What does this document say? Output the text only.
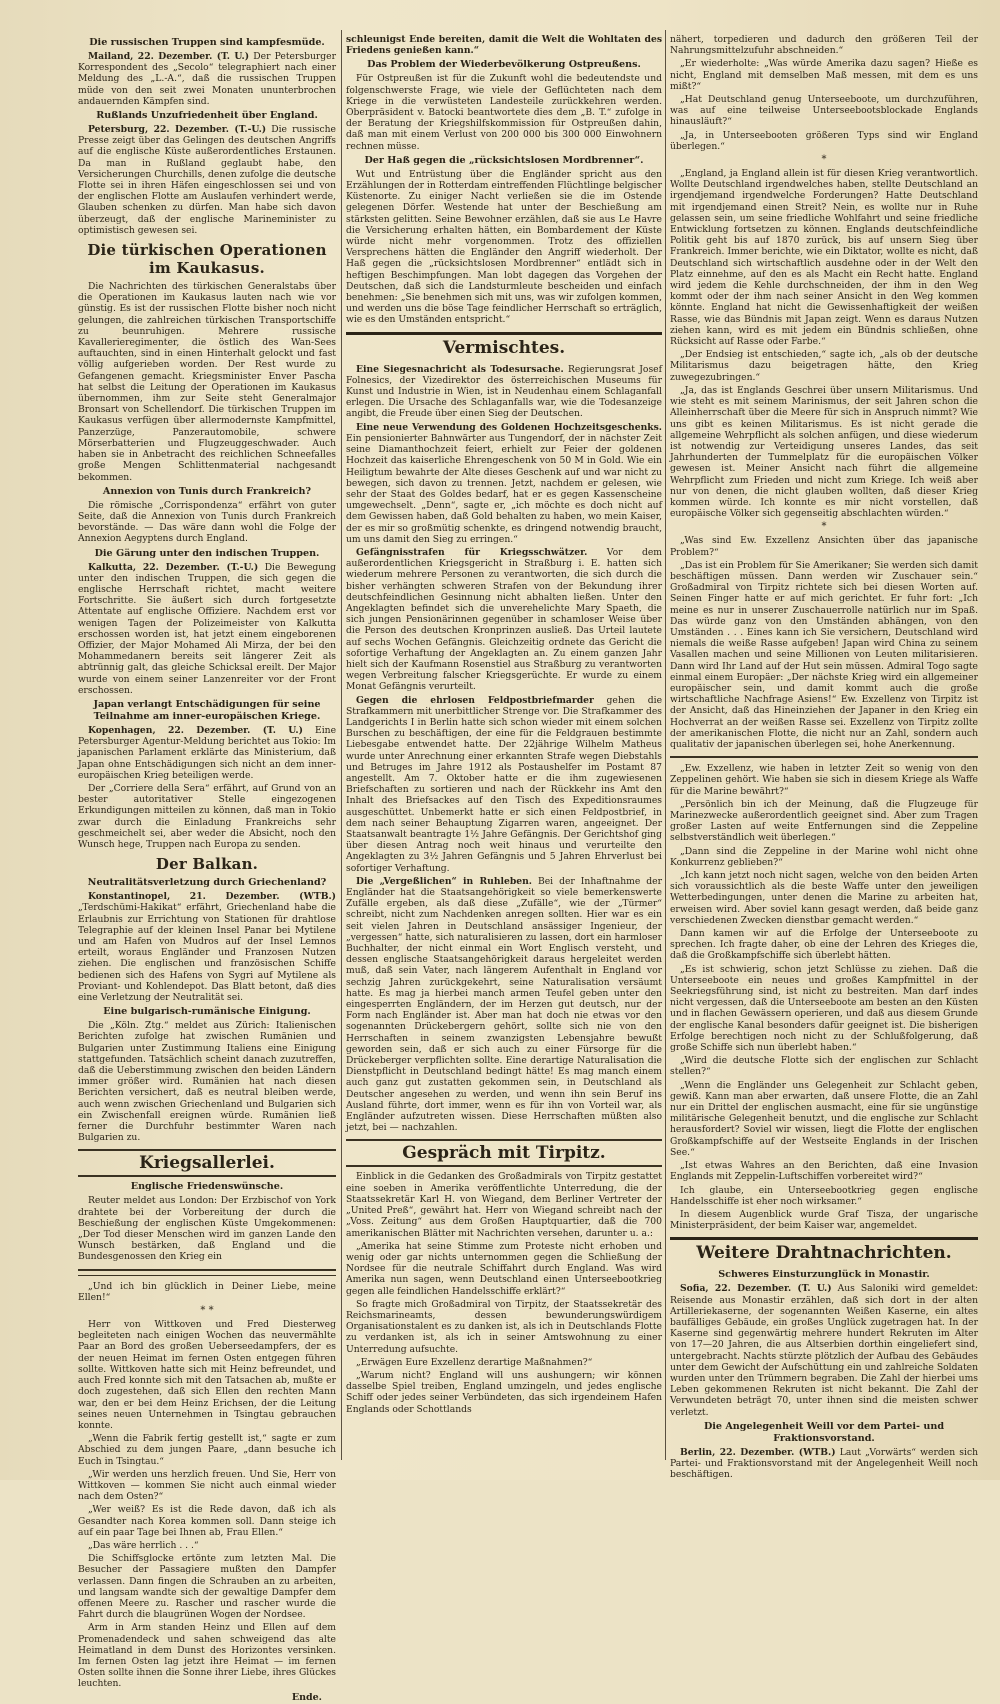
Die russischen Truppen sind kampfesmüde.

Mailand, 22. Dezember. (T. U.) Der Petersburger Korrespondent des „Secolo“ telegraphiert nach einer Meldung des „L.-A.“, daß die russischen Truppen müde von den seit zwei Monaten ununterbrochen andauernden Kämpfen sind.

Rußlands Unzufriedenheit über England.

Petersburg, 22. Dezember. (T.-U.) Die russische Presse zeigt über das Gelingen des deutschen Angriffs auf die englische Küste außerordentliches Erstaunen. Da man in Rußland geglaubt habe, den Versicherungen Churchills, denen zufolge die deutsche Flotte sei in ihren Häfen eingeschlossen sei und von der englischen Flotte am Auslaufen verhindert werde, Glauben schenken zu dürfen. Man habe sich davon überzeugt, daß der englische Marineminister zu optimistisch gewesen sei.

Die türkischen Operationen im Kaukasus.

Die Nachrichten des türkischen Generalstabs über die Operationen im Kaukasus lauten nach wie vor günstig. Es ist der russischen Flotte bisher noch nicht gelungen, die zahlreichen türkischen Transportschiffe zu beunruhigen. Mehrere russische Kavallerieregimenter, die östlich des Wan-Sees auftauchten, sind in einen Hinterhalt gelockt und fast völlig aufgerieben worden. Der Rest wurde zu Gefangenen gemacht. Kriegsminister Enver Pascha hat selbst die Leitung der Operationen im Kaukasus übernommen, ihm zur Seite steht Generalmajor Bronsart von Schellendorf. Die türkischen Truppen im Kaukasus verfügen über allermodernste Kampfmittel, Panzerzüge, Panzerautomobile, schwere Mörserbatterien und Flugzeuggeschwader. Auch haben sie in Anbetracht des reichlichen Schneefalles große Mengen Schlittenmaterial nachgesandt bekommen.

Annexion von Tunis durch Frankreich?

Die römische „Corrispondenza“ erfährt von guter Seite, daß die Annexion von Tunis durch Frankreich bevorstände. — Das wäre dann wohl die Folge der Annexion Aegyptens durch England.

Die Gärung unter den indischen Truppen.

Kalkutta, 22. Dezember. (T.-U.) Die Bewegung unter den indischen Truppen, die sich gegen die englische Herrschaft richtet, macht weitere Fortschritte. Sie äußert sich durch fortgesetzte Attentate auf englische Offiziere. Nachdem erst vor wenigen Tagen der Polizeimeister von Kalkutta erschossen worden ist, hat jetzt einem eingeborenen Offizier, der Major Mohamed Ali Mirza, der bei den Mohammedanern bereits seit längerer Zeit als abtrünnig galt, das gleiche Schicksal ereilt. Der Major wurde von einem seiner Lanzenreiter vor der Front erschossen.

Japan verlangt Entschädigungen für seine Teilnahme am inner-europäischen Kriege.

Kopenhagen, 22. Dezember. (T. U.) Eine Petersburger Agentur-Meldung berichtet aus Tokio: Im japanischen Parlament erklärte das Ministerium, daß Japan ohne Entschädigungen sich nicht an dem inner-europäischen Krieg beteiligen werde.

Der „Corriere della Sera“ erfährt, auf Grund von an bester autoritativer Stelle eingezogenen Erkundigungen mitteilen zu können, daß man in Tokio zwar durch die Einladung Frankreichs sehr geschmeichelt sei, aber weder die Absicht, noch den Wunsch hege, Truppen nach Europa zu senden.

Der Balkan.
Neutralitätsverletzung durch Griechenland?

Konstantinopel, 21. Dezember. (WTB.) „Terdschümi-Hakikat“ erfährt, Griechenland habe die Erlaubnis zur Errichtung von Stationen für drahtlose Telegraphie auf der kleinen Insel Panar bei Mytilene und am Hafen von Mudros auf der Insel Lemnos erteilt, woraus Engländer und Franzosen Nutzen ziehen. Die englischen und französischen Schiffe bedienen sich des Hafens von Sygri auf Mytilene als Proviant- und Kohlendepot. Das Blatt betont, daß dies eine Verletzung der Neutralität sei.

Eine bulgarisch-rumänische Einigung.

Die „Köln. Ztg.“ meldet aus Zürich: Italienischen Berichten zufolge hat zwischen Rumänien und Bulgarien unter Zustimmung Italiens eine Einigung stattgefunden. Tatsächlich scheint danach zuzutreffen, daß die Ueberstimmung zwischen den beiden Ländern immer größer wird. Rumänien hat nach diesen Berichten versichert, daß es neutral bleiben werde, auch wenn zwischen Griechenland und Bulgarien sich ein Zwischenfall ereignen würde. Rumänien ließ ferner die Durchfuhr bestimmter Waren nach Bulgarien zu.

Kriegsallerlei.
Englische Friedenswünsche.

Reuter meldet aus London: Der Erzbischof von York drahtete bei der Vorbereitung der durch die Beschießung der englischen Küste Umgekommenen: „Der Tod dieser Menschen wird im ganzen Lande den Wunsch bestärken, daß England und die Bundesgenossen den Krieg ein

„Und ich bin glücklich in Deiner Liebe, meine Ellen!“

* *

Herr von Wittkoven und Fred Diesterweg begleiteten nach einigen Wochen das neuvermählte Paar an Bord des großen Ueberseedampfers, der es der neuen Heimat im fernen Osten entgegen führen sollte. Wittkoven hatte sich mit Heinz befreundet, und auch Fred konnte sich mit den Tatsachen ab, mußte er doch zugestehen, daß sich Ellen den rechten Mann war, den er bei dem Heinz Erichsen, der die Leitung seines neuen Unternehmen in Tsingtau gebrauchen konnte.

„Wenn die Fabrik fertig gestellt ist,“ sagte er zum Abschied zu dem jungen Paare, „dann besuche ich Euch in Tsingtau.“

„Wir werden uns herzlich freuen. Und Sie, Herr von Wittkoven — kommen Sie nicht auch einmal wieder nach dem Osten?“

„Wer weiß? Es ist die Rede davon, daß ich als Gesandter nach Korea kommen soll. Dann steige ich auf ein paar Tage bei Ihnen ab, Frau Ellen.“

„Das wäre herrlich . . .“

Die Schiffsglocke ertönte zum letzten Mal. Die Besucher der Passagiere mußten den Dampfer verlassen. Dann fingen die Schrauben an zu arbeiten, und langsam wandte sich der gewaltige Dampfer dem offenen Meere zu. Rascher und rascher wurde die Fahrt durch die blaugrünen Wogen der Nordsee.

Arm in Arm standen Heinz und Ellen auf dem Promenadendeck und sahen schweigend das alte Heimatland in dem Dunst des Horizontes versinken. Im fernen Osten lag jetzt ihre Heimat — im fernen Osten sollte ihnen die Sonne ihrer Liebe, ihres Glückes leuchten.

Ende.

schleunigst Ende bereiten, damit die Welt die Wohltaten des Friedens genießen kann.“

Das Problem der Wiederbevölkerung Ostpreußens.

Für Ostpreußen ist für die Zukunft wohl die bedeutendste und folgenschwerste Frage, wie viele der Geflüchteten nach dem Kriege in die verwüsteten Landesteile zurückkehren werden. Oberpräsident v. Batocki beantwortete dies dem „B. T.“ zufolge in der Beratung der Kriegshilfskommission für Ostpreußen dahin, daß man mit einem Verlust von 200 000 bis 300 000 Einwohnern rechnen müsse.

Der Haß gegen die „rücksichtslosen Mordbrenner“.

Wut und Entrüstung über die Engländer spricht aus den Erzählungen der in Rotterdam eintreffenden Flüchtlinge belgischer Küstenorte. Zu einiger Nacht verließen sie die im Ostende gelegenen Dörfer. Westende hat unter der Beschießung am stärksten gelitten. Seine Bewohner erzählen, daß sie aus Le Havre die Versicherung erhalten hätten, ein Bombardement der Küste würde nicht mehr vorgenommen. Trotz des offiziellen Versprechens hätten die Engländer den Angriff wiederholt. Der Haß gegen die „rücksichtslosen Mordbrenner“ entlädt sich in heftigen Beschimpfungen. Man lobt dagegen das Vorgehen der Deutschen, daß sich die Landsturmleute bescheiden und einfach benehmen: „Sie benehmen sich mit uns, was wir zufolgen kommen, und werden uns die böse Tage feindlicher Herrschaft so erträglich, wie es den Umständen entspricht.“

Vermischtes.

Eine Siegesnachricht als Todesursache. Regierungsrat Josef Folnesics, der Vizedirektor des österreichischen Museums für Kunst und Industrie in Wien, ist in Neudenhau einem Schlaganfall erlegen. Die Ursache des Schlaganfalls war, wie die Todesanzeige angibt, die Freude über einen Sieg der Deutschen.

Eine neue Verwendung des Goldenen Hochzeitsgeschenks. Ein pensionierter Bahnwärter aus Tungendorf, der in nächster Zeit seine Diamanthochzeit feiert, erhielt zur Feier der goldenen Hochzeit das kaiserliche Ehrengeschenk von 50 M in Gold. Wie ein Heiligtum bewahrte der Alte dieses Geschenk auf und war nicht zu bewegen, sich davon zu trennen. Jetzt, nachdem er gelesen, wie sehr der Staat des Goldes bedarf, hat er es gegen Kassenscheine umgewechselt. „Denn“, sagte er, „ich möchte es doch nicht auf dem Gewissen haben, daß Gold behalten zu haben, wo mein Kaiser, der es mir so großmütig schenkte, es dringend notwendig braucht, um uns damit den Sieg zu erringen.“

Gefängnisstrafen für Kriegsschwätzer. Vor dem außerordentlichen Kriegsgericht in Straßburg i. E. hatten sich wiederum mehrere Personen zu verantworten, die sich durch die bisher verhängten schweren Strafen von der Bekundung ihrer deutschfeindlichen Gesinnung nicht abhalten ließen. Unter den Angeklagten befindet sich die unverehelichte Mary Spaeth, die sich jungen Pensionärinnen gegenüber in schamloser Weise über die Person des deutschen Kronprinzen ausließ. Das Urteil lautete auf sechs Wochen Gefängnis. Gleichzeitig ordnete das Gericht die sofortige Verhaftung der Angeklagten an. Zu einem ganzen Jahr hielt sich der Kaufmann Rosenstiel aus Straßburg zu verantworten wegen Verbreitung falscher Kriegsgerüchte. Er wurde zu einem Monat Gefängnis verurteilt.

Gegen die ehrlosen Feldpostbriefmarder gehen die Strafkammern mit unerbittlicher Strenge vor. Die Strafkammer des Landgerichts I in Berlin hatte sich schon wieder mit einem solchen Burschen zu beschäftigen, der eine für die Feldgrauen bestimmte Liebesgabe entwendet hatte. Der 22jährige Wilhelm Matheus wurde unter Anrechnung einer erkannten Strafe wegen Diebstahls und Betruges im Jahre 1912 als Postaushelfer im Postamt 87 angestellt. Am 7. Oktober hatte er die ihm zugewiesenen Briefschaften zu sortieren und nach der Rückkehr ins Amt den Inhalt des Briefsackes auf den Tisch des Expeditionsraumes ausgeschüttet. Unbemerkt hatte er sich einen Feldpostbrief, in dem nach seiner Behauptung Zigarren waren, angeeignet. Der Staatsanwalt beantragte 1½ Jahre Gefängnis. Der Gerichtshof ging über diesen Antrag noch weit hinaus und verurteilte den Angeklagten zu 3½ Jahren Gefängnis und 5 Jahren Ehrverlust bei sofortiger Verhaftung.

Die „Vergeßlichen“ in Ruhleben. Bei der Inhaftnahme der Engländer hat die Staatsangehörigkeit so viele bemerkenswerte Zufälle ergeben, als daß diese „Zufälle“, wie der „Türmer“ schreibt, nicht zum Nachdenken anregen sollten. Hier war es ein seit vielen Jahren in Deutschland ansässiger Ingenieur, der „vergessen“ hatte, sich naturalisieren zu lassen, dort ein harmloser Buchhalter, der nicht einmal ein Wort Englisch versteht, und dessen englische Staatsangehörigkeit daraus hergeleitet werden muß, daß sein Vater, nach längerem Aufenthalt in England vor sechzig Jahren zurückgekehrt, seine Naturalisation versäumt hatte. Es mag ja hierbei manch armen Teufel geben unter den eingesperrten Engländern, der im Herzen gut deutsch, nur der Form nach Engländer ist. Aber man hat doch nie etwas vor den sogenannten Drückebergern gehört, sollte sich nie von den Herrschaften in seinem zwanzigsten Lebensjahre bewußt geworden sein, daß er sich auch zu einer Fürsorge für die Drückeberger verpflichten sollte. Eine derartige Naturalisation die Dienstpflicht in Deutschland bedingt hätte! Es mag manch einem auch ganz gut zustatten gekommen sein, in Deutschland als Deutscher angesehen zu werden, und wenn ihn sein Beruf ins Ausland führte, dort immer, wenn es für ihn von Vorteil war, als Engländer aufzutreten wissen. Diese Herrschaften müßten also jetzt, bei — nachzahlen.

Gespräch mit Tirpitz.

Einblick in die Gedanken des Großadmirals von Tirpitz gestattet eine soeben in Amerika veröffentlichte Unterredung, die der Staatssekretär Karl H. von Wiegand, dem Berliner Vertreter der „United Preß“, gewährt hat. Herr von Wiegand schreibt nach der „Voss. Zeitung“ aus dem Großen Hauptquartier, daß die 700 amerikanischen Blätter mit Nachrichten versehen, darunter u. a.:

„Amerika hat seine Stimme zum Proteste nicht erhoben und wenig oder gar nichts unternommen gegen die Schließung der Nordsee für die neutrale Schiffahrt durch England. Was wird Amerika nun sagen, wenn Deutschland einen Unterseebootkrieg gegen alle feindlichen Handelsschiffe erklärt?“

So fragte mich Großadmiral von Tirpitz, der Staatssekretär des Reichsmarineamts, dessen bewunderungswürdigem Organisationstalent es zu danken ist, als ich in Deutschlands Flotte zu verdanken ist, als ich in seiner Amtswohnung zu einer Unterredung aufsuchte.

„Erwägen Eure Exzellenz derartige Maßnahmen?“

„Warum nicht? England will uns aushungern; wir können dasselbe Spiel treiben, England umzingeln, und jedes englische Schiff oder jedes seiner Verbündeten, das sich irgendeinem Hafen Englands oder Schottlands

nähert, torpedieren und dadurch den größeren Teil der Nahrungsmittelzufuhr abschneiden.“

„Er wiederholte: „Was würde Amerika dazu sagen? Hieße es nicht, England mit demselben Maß messen, mit dem es uns mißt?“

„Hat Deutschland genug Unterseeboote, um durchzuführen, was auf eine teilweise Unterseebootsblockade Englands hinausläuft?“

„Ja, in Unterseebooten größeren Typs sind wir England überlegen.“

*

„England, ja England allein ist für diesen Krieg verantwortlich. Wollte Deutschland irgendwelches haben, stellte Deutschland an irgendjemand irgendwelche Forderungen? Hatte Deutschland mit irgendjemand einen Streit? Nein, es wollte nur in Ruhe gelassen sein, um seine friedliche Wohlfahrt und seine friedliche Entwicklung fortsetzen zu können. Englands deutschfeindliche Politik geht bis auf 1870 zurück, bis auf unsern Sieg über Frankreich. Immer berichte, wie ein Diktator, wollte es nicht, daß Deutschland sich wirtschaftlich ausdehne oder in der Welt den Platz einnehme, auf den es als Macht ein Recht hatte. England wird jedem die Kehle durchschneiden, der ihm in den Weg kommt oder der ihm nach seiner Ansicht in den Weg kommen könnte. England hat nicht die Gewissenhaftigkeit der weißen Rasse, wie das Bündnis mit Japan zeigt. Wenn es daraus Nutzen ziehen kann, wird es mit jedem ein Bündnis schließen, ohne Rücksicht auf Rasse oder Farbe.“

„Der Endsieg ist entschieden,“ sagte ich, „als ob der deutsche Militarismus dazu beigetragen hätte, den Krieg zuwegezubringen.“

„Ja, das ist Englands Geschrei über unsern Militarismus. Und wie steht es mit seinem Marinismus, der seit Jahren schon die Alleinherrschaft über die Meere für sich in Anspruch nimmt? Wie uns gibt es keinen Militarismus. Es ist nicht gerade die allgemeine Wehrpflicht als solchen anfügen, und diese wiederum ist notwendig zur Verteidigung unseres Landes, das seit Jahrhunderten der Tummelplatz für die europäischen Völker gewesen ist. Meiner Ansicht nach führt die allgemeine Wehrpflicht zum Frieden und nicht zum Kriege. Ich weiß aber nur von denen, die nicht glauben wollten, daß dieser Krieg kommen würde. Ich konnte es mir nicht vorstellen, daß europäische Völker sich gegenseitig abschlachten würden.“

*

„Was sind Ew. Exzellenz Ansichten über das japanische Problem?“

„Das ist ein Problem für Sie Amerikaner; Sie werden sich damit beschäftigen müssen. Dann werden wir Zuschauer sein.“ Großadmiral von Tirpitz richtete sich bei diesen Worten auf. Seinen Finger hatte er auf mich gerichtet. Er fuhr fort: „Ich meine es nur in unserer Zuschauerrolle natürlich nur im Spaß. Das würde ganz von den Umständen abhängen, von den Umständen . . . Eines kann ich Sie versichern, Deutschland wird niemals die weiße Rasse aufgeben! Japan wird China zu seinem Vasallen machen und seine Millionen von Leuten militarisieren. Dann wird Ihr Land auf der Hut sein müssen. Admiral Togo sagte einmal einem Europäer: „Der nächste Krieg wird ein allgemeiner europäischer sein, und damit kommt auch die große wirtschaftliche Nachfrage Asiens!“ Ew. Exzellenz von Tirpitz ist der Ansicht, daß das Hineinziehen der Japaner in den Krieg ein Hochverrat an der weißen Rasse sei. Exzellenz von Tirpitz zollte der amerikanischen Flotte, die nicht nur an Zahl, sondern auch qualitativ der japanischen überlegen sei, hohe Anerkennung.

„Ew. Exzellenz, wie haben in letzter Zeit so wenig von den Zeppelinen gehört. Wie haben sie sich in diesem Kriege als Waffe für die Marine bewährt?“

„Persönlich bin ich der Meinung, daß die Flugzeuge für Marinezwecke außerordentlich geeignet sind. Aber zum Tragen großer Lasten auf weite Entfernungen sind die Zeppeline selbstverständlich weit überlegen.“

„Dann sind die Zeppeline in der Marine wohl nicht ohne Konkurrenz geblieben?“

„Ich kann jetzt noch nicht sagen, welche von den beiden Arten sich voraussichtlich als die beste Waffe unter den jeweiligen Wetterbedingungen, unter denen die Marine zu arbeiten hat, erweisen wird. Aber soviel kann gesagt werden, daß beide ganz verschiedenen Zwecken dienstbar gemacht werden.“

Dann kamen wir auf die Erfolge der Unterseeboote zu sprechen. Ich fragte daher, ob eine der Lehren des Krieges die, daß die Großkampfschiffe sich überlebt hätten.

„Es ist schwierig, schon jetzt Schlüsse zu ziehen. Daß die Unterseeboote ein neues und großes Kampfmittel in der Seekriegsführung sind, ist nicht zu bestreiten. Man darf indes nicht vergessen, daß die Unterseeboote am besten an den Küsten und in flachen Gewässern operieren, und daß aus diesem Grunde der englische Kanal besonders dafür geeignet ist. Die bisherigen Erfolge berechtigen noch nicht zu der Schlußfolgerung, daß große Schiffe sich nun überlebt haben.“

„Wird die deutsche Flotte sich der englischen zur Schlacht stellen?“

„Wenn die Engländer uns Gelegenheit zur Schlacht geben, gewiß. Kann man aber erwarten, daß unsere Flotte, die an Zahl nur ein Drittel der englischen ausmacht, eine für sie ungünstige militärische Gelegenheit benutzt, und die englische zur Schlacht herausfordert? Soviel wir wissen, liegt die Flotte der englischen Großkampfschiffe auf der Westseite Englands in der Irischen See.“

„Ist etwas Wahres an den Berichten, daß eine Invasion Englands mit Zeppelin-Luftschiffen vorbereitet wird?“

Ich glaube, ein Unterseebootkrieg gegen englische Handelsschiffe ist eher noch wirksamer.“

In diesem Augenblick wurde Graf Tisza, der ungarische Ministerpräsident, der beim Kaiser war, angemeldet.

Weitere Drahtnachrichten.
Schweres Einsturzunglück in Monastir.

Sofia, 22. Dezember. (T. U.) Aus Saloniki wird gemeldet: Reisende aus Monastir erzählen, daß sich dort in der alten Artilleriekaserne, der sogenannten Weißen Kaserne, ein altes baufälliges Gebäude, ein großes Unglück zugetragen hat. In der Kaserne sind gegenwärtig mehrere hundert Rekruten im Alter von 17—20 Jahren, die aus Altserbien dorthin eingeliefert sind, untergebracht. Nachts stürzte plötzlich der Aufbau des Gebäudes unter dem Gewicht der Aufschüttung ein und zahlreiche Soldaten wurden unter den Trümmern begraben. Die Zahl der hierbei ums Leben gekommenen Rekruten ist nicht bekannt. Die Zahl der Verwundeten beträgt 70, unter ihnen sind die meisten schwer verletzt.

Die Angelegenheit Weill vor dem Partei- und Fraktionsvorstand.

Berlin, 22. Dezember. (WTB.) Laut „Vorwärts“ werden sich Partei- und Fraktionsvorstand mit der Angelegenheit Weill noch beschäftigen.
